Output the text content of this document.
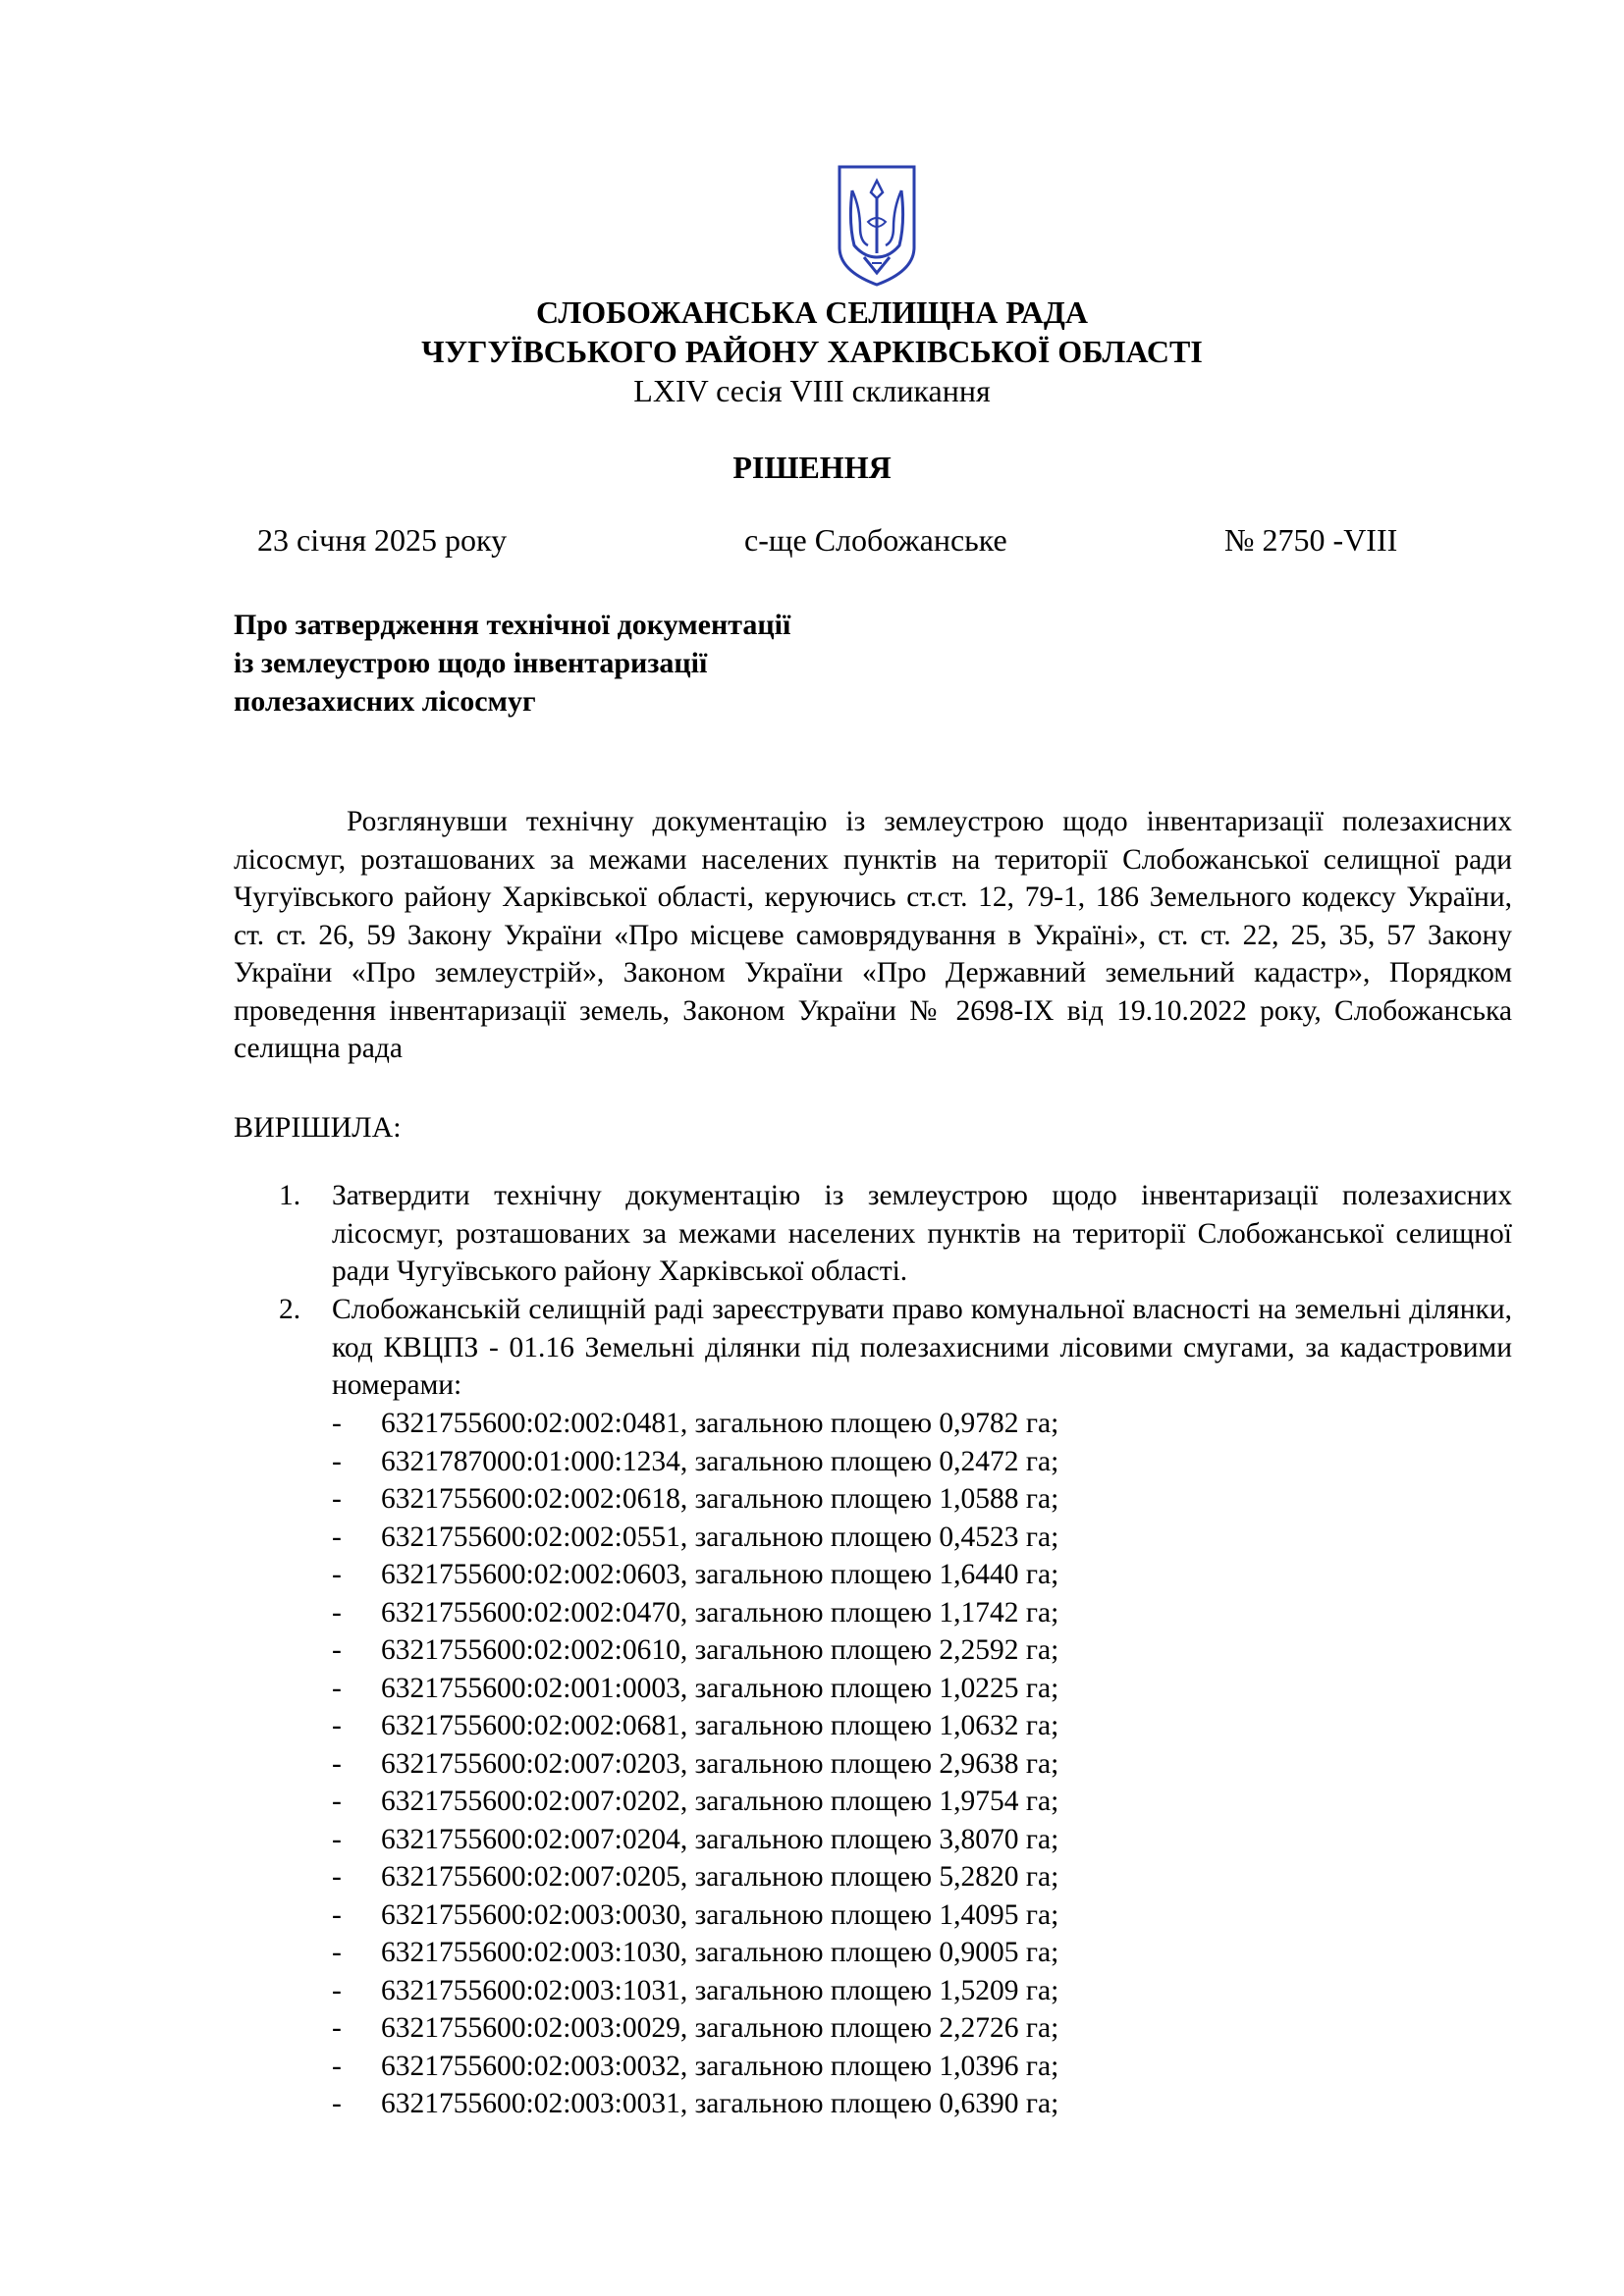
СЛОБОЖАНСЬКА СЕЛИЩНА РАДА
ЧУГУЇВСЬКОГО РАЙОНУ ХАРКІВСЬКОЇ ОБЛАСТІ
LXIV сесія VIII скликання
РІШЕННЯ
23 січня 2025 року	с-ще Слобожанське	№ 2750 -VIII
Про затвердження технічної документації
із землеустрою щодо інвентаризації
полезахисних лісосмуг
Розглянувши технічну документацію із землеустрою щодо інвентаризації полезахисних лісосмуг, розташованих за межами населених пунктів на території Слобожанської селищної ради Чугуївського району Харківської області, керуючись ст.ст. 12, 79-1, 186 Земельного кодексу України, ст. ст. 26, 59 Закону України «Про місцеве самоврядування в Україні», ст. ст. 22, 25, 35, 57 Закону України «Про землеустрій», Законом України «Про Державний земельний кадастр», Порядком проведення інвентаризації земель, Законом України № 2698-IX від 19.10.2022 року, Слобожанська селищна рада
ВИРІШИЛА:
1. Затвердити технічну документацію із землеустрою щодо інвентаризації полезахисних лісосмуг, розташованих за межами населених пунктів на території Слобожанської селищної ради Чугуївського району Харківської області.
2. Слобожанській селищній раді зареєструвати право комунальної власності на земельні ділянки, код КВЦПЗ - 01.16 Земельні ділянки під полезахисними лісовими смугами, за кадастровими номерами:
- 6321755600:02:002:0481, загальною площею 0,9782 га;
- 6321787000:01:000:1234, загальною площею 0,2472 га;
- 6321755600:02:002:0618, загальною площею 1,0588 га;
- 6321755600:02:002:0551, загальною площею 0,4523 га;
- 6321755600:02:002:0603, загальною площею 1,6440 га;
- 6321755600:02:002:0470, загальною площею 1,1742 га;
- 6321755600:02:002:0610, загальною площею 2,2592 га;
- 6321755600:02:001:0003, загальною площею 1,0225 га;
- 6321755600:02:002:0681, загальною площею 1,0632 га;
- 6321755600:02:007:0203, загальною площею 2,9638 га;
- 6321755600:02:007:0202, загальною площею 1,9754 га;
- 6321755600:02:007:0204, загальною площею 3,8070 га;
- 6321755600:02:007:0205, загальною площею 5,2820 га;
- 6321755600:02:003:0030, загальною площею 1,4095 га;
- 6321755600:02:003:1030, загальною площею 0,9005 га;
- 6321755600:02:003:1031, загальною площею 1,5209 га;
- 6321755600:02:003:0029, загальною площею 2,2726 га;
- 6321755600:02:003:0032, загальною площею 1,0396 га;
- 6321755600:02:003:0031, загальною площею 0,6390 га;
